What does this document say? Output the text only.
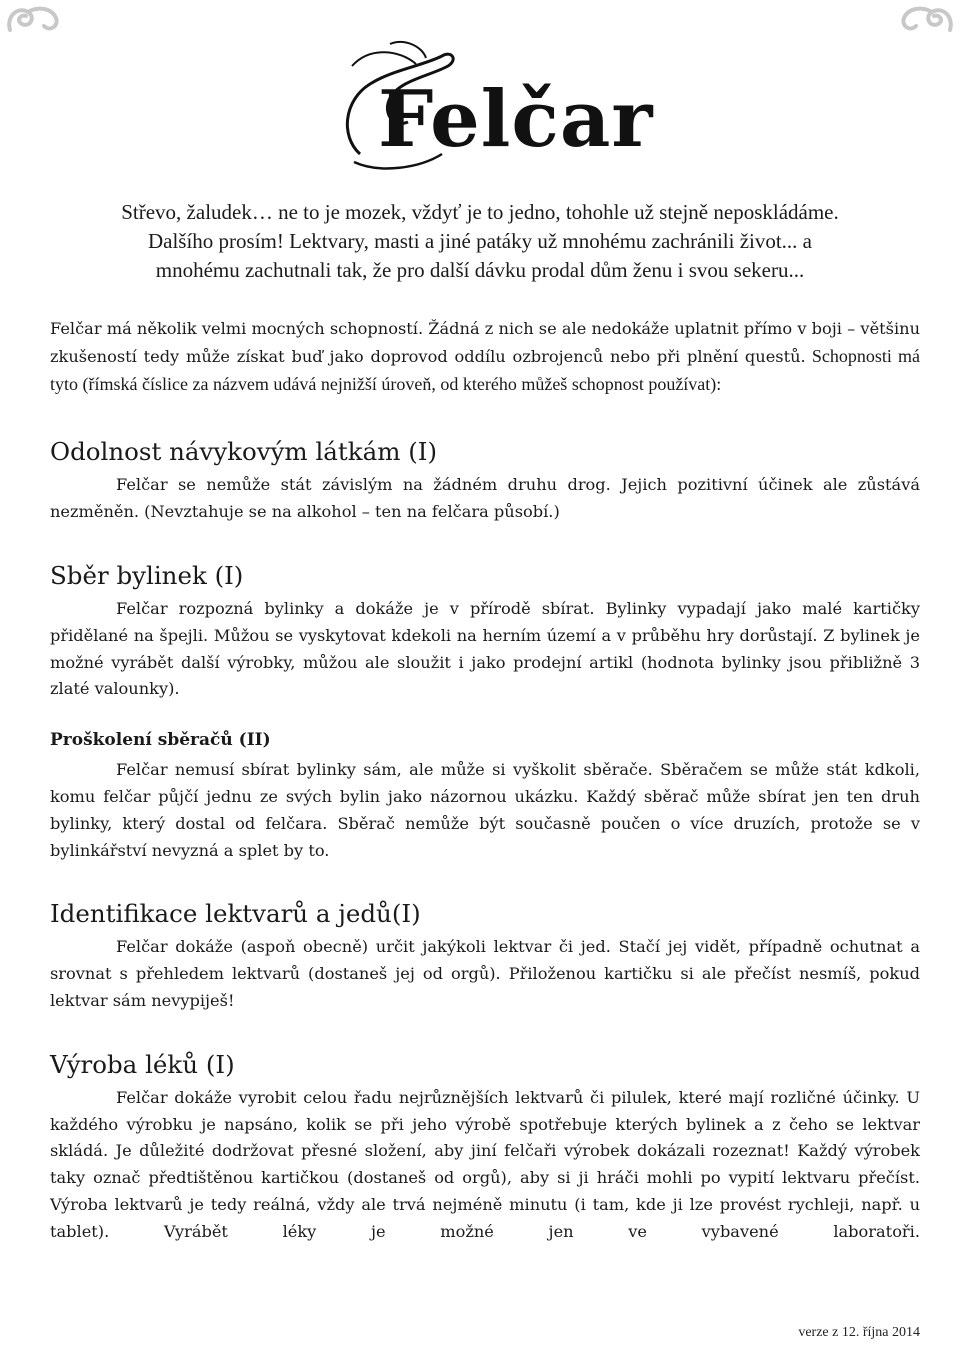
Felčar

Střevo, žaludek… ne to je mozek, vždyť je to jedno, tohohle už stejně neposkládáme.
Dalšího prosím! Lektvary, masti a jiné patáky už mnohému zachránili život... a
mnohému zachutnali tak, že pro další dávku prodal dům ženu i svou sekeru...

Felčar má několik velmi mocných schopností. Žádná z nich se ale nedokáže uplatnit přímo v boji – většinu zkušeností tedy může získat buď jako doprovod oddílu ozbrojenců nebo při plnění questů. Schopnosti má tyto (římská číslice za názvem udává nejnižší úroveň, od kterého můžeš schopnost používat):

Odolnost návykovým látkám (I)

Felčar se nemůže stát závislým na žádném druhu drog. Jejich pozitivní účinek ale zůstává nezměněn. (Nevztahuje se na alkohol – ten na felčara působí.)

Sběr bylinek (I)

Felčar rozpozná bylinky a dokáže je v přírodě sbírat. Bylinky vypadají jako malé kartičky přidělané na špejli. Můžou se vyskytovat kdekoli na herním území a v průběhu hry dorůstají. Z bylinek je možné vyrábět další výrobky, můžou ale sloužit i jako prodejní artikl (hodnota bylinky jsou přibližně 3 zlaté valounky).

Proškolení sběračů (II)

Felčar nemusí sbírat bylinky sám, ale může si vyškolit sběrače. Sběračem se může stát kdkoli, komu felčar půjčí jednu ze svých bylin jako názornou ukázku. Každý sběrač může sbírat jen ten druh bylinky, který dostal od felčara. Sběrač nemůže být současně poučen o více druzích, protože se v bylinkářství nevyzná a splet by to.

Identifikace lektvarů a jedů(I)

Felčar dokáže (aspoň obecně) určit jakýkoli lektvar či jed. Stačí jej vidět, případně ochutnat a srovnat s přehledem lektvarů (dostaneš jej od orgů). Přiloženou kartičku si ale přečíst nesmíš, pokud lektvar sám nevypiješ!

Výroba léků (I)

Felčar dokáže vyrobit celou řadu nejrůznějších lektvarů či pilulek, které mají rozličné účinky. U každého výrobku je napsáno, kolik se při jeho výrobě spotřebuje kterých bylinek a z čeho se lektvar skládá. Je důležité dodržovat přesné složení, aby jiní felčaři výrobek dokázali rozeznat! Každý výrobek taky označ předtištěnou kartičkou (dostaneš od orgů), aby si ji hráči mohli po vypití lektvaru přečíst. Výroba lektvarů je tedy reálná, vždy ale trvá nejméně minutu (i tam, kde ji lze provést rychleji, např. u tablet). Vyrábět léky je možné jen ve vybavené laboratoři.

verze z 12. října 2014
